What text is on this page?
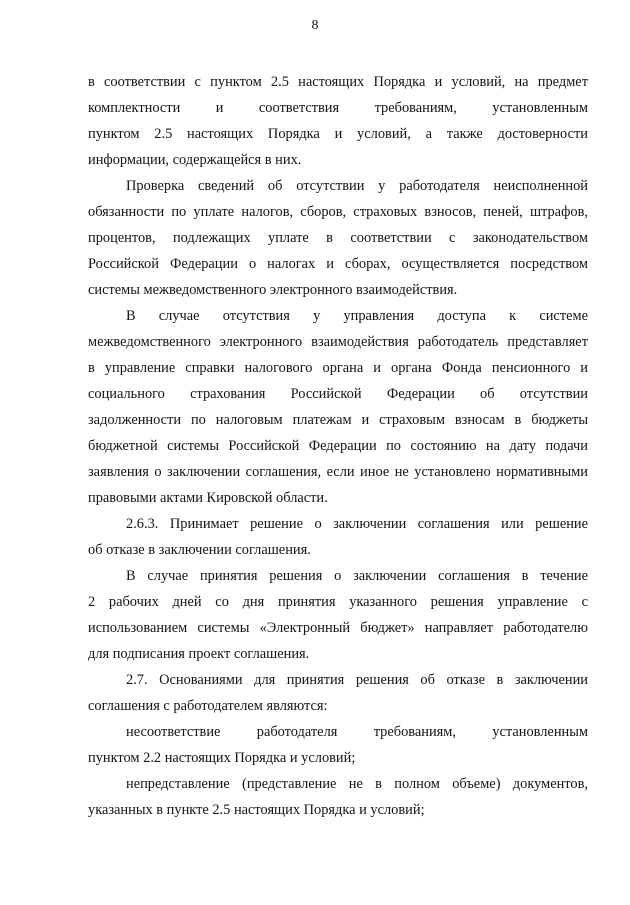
8
в соответствии с пунктом 2.5 настоящих Порядка и условий, на предмет
комплектности и соответствия требованиям, установленным
пунктом 2.5 настоящих Порядка и условий, а также достоверности
информации, содержащейся в них.
Проверка сведений об отсутствии у работодателя неисполненной
обязанности по уплате налогов, сборов, страховых взносов, пеней, штрафов,
процентов, подлежащих уплате в соответствии с законодательством
Российской Федерации о налогах и сборах, осуществляется посредством
системы межведомственного электронного взаимодействия.
В случае отсутствия у управления доступа к системе
межведомственного электронного взаимодействия работодатель представляет
в управление справки налогового органа и органа Фонда пенсионного и
социального страхования Российской Федерации об отсутствии
задолженности по налоговым платежам и страховым взносам в бюджеты
бюджетной системы Российской Федерации по состоянию на дату подачи
заявления о заключении соглашения, если иное не установлено нормативными
правовыми актами Кировской области.
2.6.3. Принимает решение о заключении соглашения или решение
об отказе в заключении соглашения.
В случае принятия решения о заключении соглашения в течение
2 рабочих дней со дня принятия указанного решения управление с
использованием системы «Электронный бюджет» направляет работодателю
для подписания проект соглашения.
2.7. Основаниями для принятия решения об отказе в заключении
соглашения с работодателем являются:
несоответствие работодателя требованиям, установленным
пунктом 2.2 настоящих Порядка и условий;
непредставление (представление не в полном объеме) документов,
указанных в пункте 2.5 настоящих Порядка и условий;
